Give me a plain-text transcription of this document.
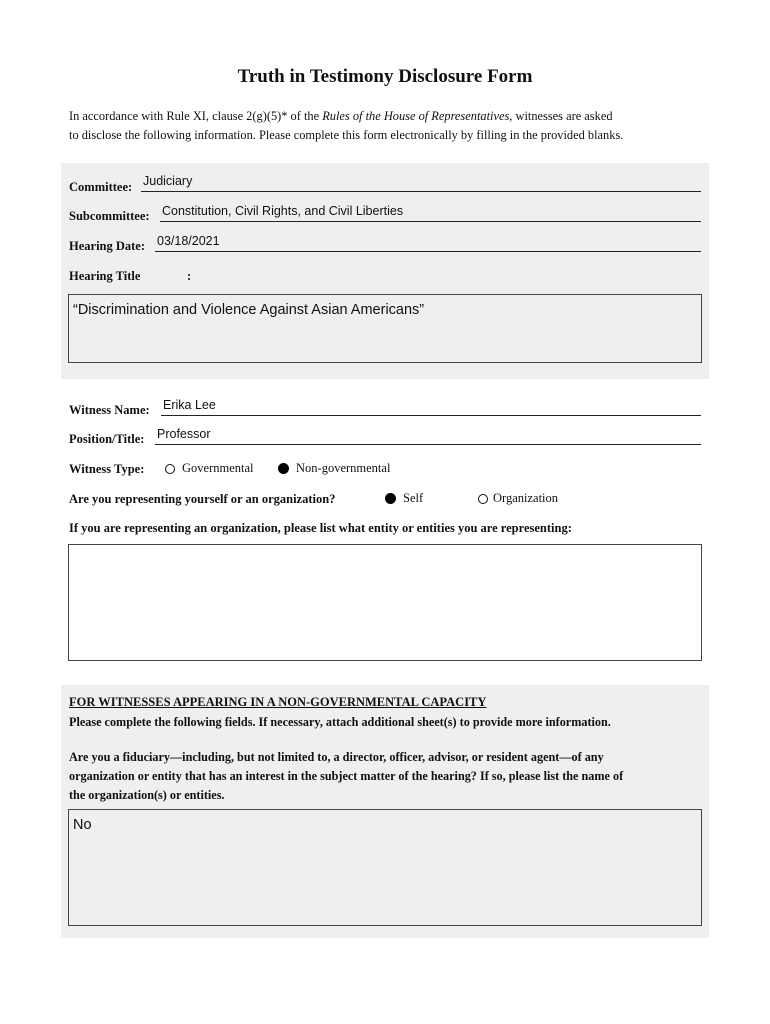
Truth in Testimony Disclosure Form
In accordance with Rule XI, clause 2(g)(5)* of the Rules of the House of Representatives, witnesses are asked
to disclose the following information. Please complete this form electronically by filling in the provided blanks.
Committee: Judiciary
Subcommittee: Constitution, Civil Rights, and Civil Liberties
Hearing Date: 03/18/2021
Hearing Title	:
“Discrimination and Violence Against Asian Americans”
Witness Name: Erika Lee
Position/Title: Professor
Witness Type:	Governmental	Non-governmental
Are you representing yourself or an organization?	Self	Organization
If you are representing an organization, please list what entity or entities you are representing:
FOR WITNESSES APPEARING IN A NON-GOVERNMENTAL CAPACITY
Please complete the following fields. If necessary, attach additional sheet(s) to provide more information.
Are you a fiduciary—including, but not limited to, a director, officer, advisor, or resident agent—of any
organization or entity that has an interest in the subject matter of the hearing? If so, please list the name of
the organization(s) or entities.
No
